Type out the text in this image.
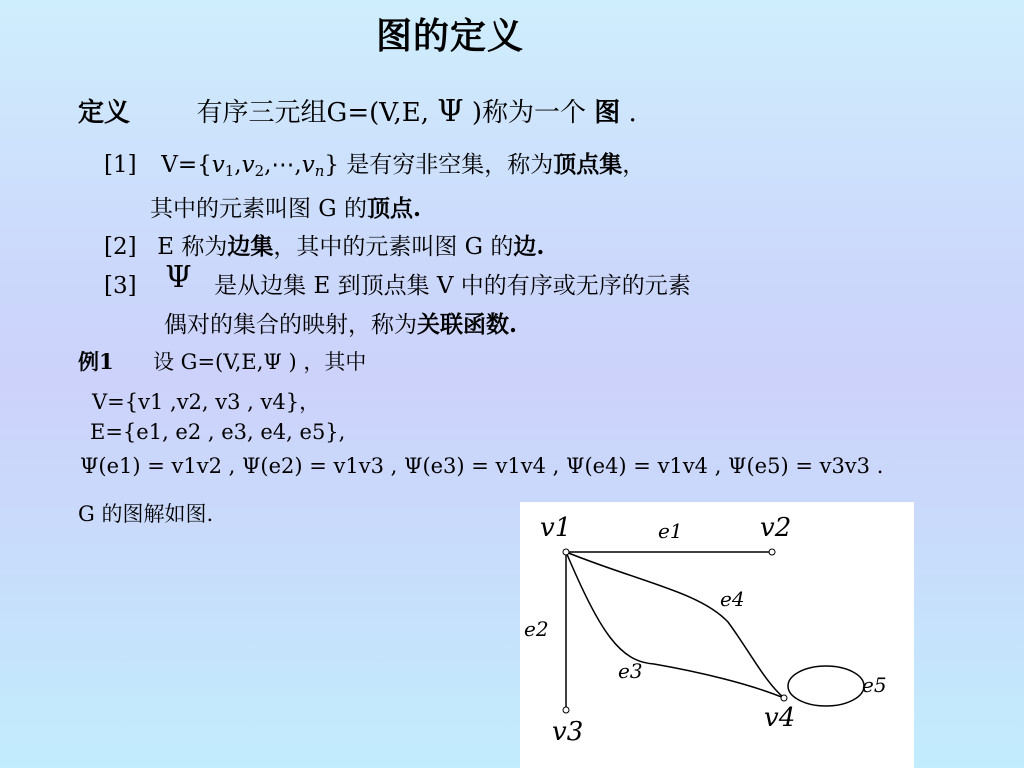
图的定义
定义	有序三元组G=(V,E, Ψ )称为一个 图 .
[1] $V=\{v_1,v_2,\cdots,v_n\}$ 是有穷非空集，称为顶点集，
其中的元素叫图 G 的顶点.
[2] E 称为边集，其中的元素叫图 G 的边.
[3] Ψ 是从边集 E 到顶点集 V 中的有序或无序的元素
偶对的集合的映射，称为关联函数.
例1 设 G=(V,E,Ψ ) ，其中
V={v1 ,v2, v3 , v4}，
E={e1, e2 , e3, e4, e5},
Ψ(e1) = v1v2 , Ψ(e2) = v1v3 , Ψ(e3) = v1v4 , Ψ(e4) = v1v4 , Ψ(e5) = v3v3 .
G 的图解如图.	v1	v2
v3	v4
e1
e2
e3
e4
e5
